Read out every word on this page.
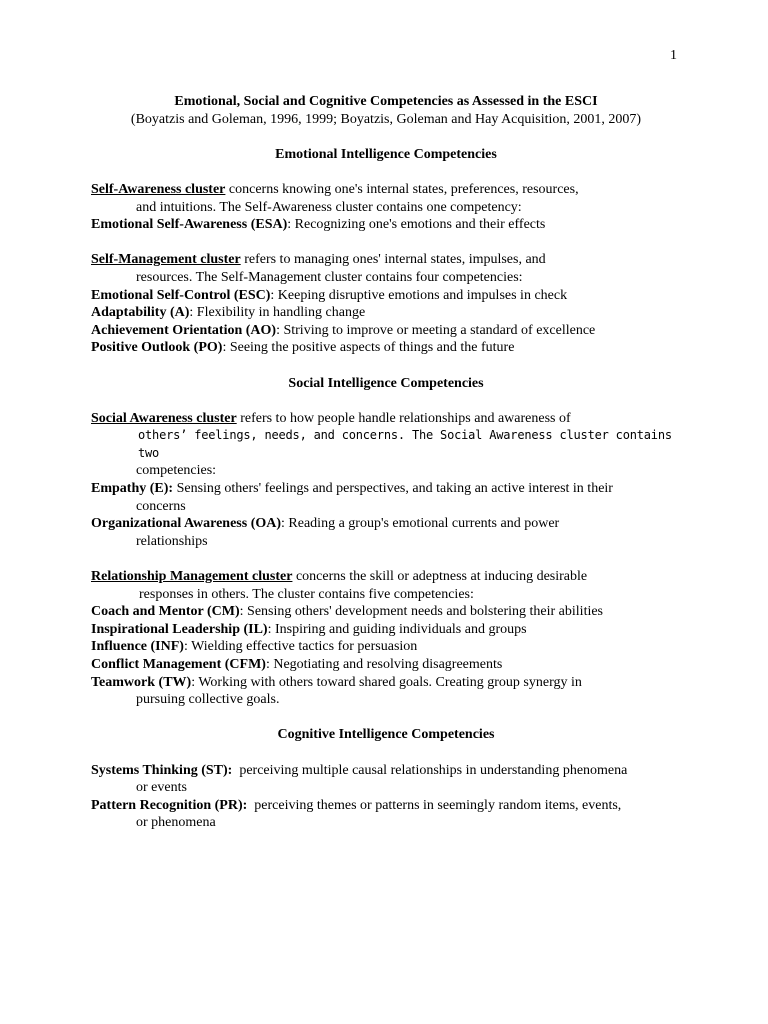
1

Emotional, Social and Cognitive Competencies as Assessed in the ESCI

(Boyatzis and Goleman, 1996, 1999; Boyatzis, Goleman and Hay Acquisition, 2001, 2007)

Emotional Intelligence Competencies

Self-Awareness cluster concerns knowing one's internal states, preferences, resources,

and intuitions. The Self-Awareness cluster contains one competency:

Emotional Self-Awareness (ESA): Recognizing one's emotions and their effects

Self-Management cluster refers to managing ones' internal states, impulses, and

resources. The Self-Management cluster contains four competencies:

Emotional Self-Control (ESC): Keeping disruptive emotions and impulses in check

Adaptability (A): Flexibility in handling change

Achievement Orientation (AO): Striving to improve or meeting a standard of excellence

Positive Outlook (PO): Seeing the positive aspects of things and the future

Social Intelligence Competencies

Social Awareness cluster refers to how people handle relationships and awareness of

others’ feelings, needs, and concerns. The Social Awareness cluster contains two

competencies:

Empathy (E): Sensing others' feelings and perspectives, and taking an active interest in their

concerns

Organizational Awareness (OA): Reading a group's emotional currents and power

relationships

Relationship Management cluster concerns the skill or adeptness at inducing desirable

responses in others. The cluster contains five competencies:

Coach and Mentor (CM): Sensing others' development needs and bolstering their abilities

Inspirational Leadership (IL): Inspiring and guiding individuals and groups

Influence (INF): Wielding effective tactics for persuasion

Conflict Management (CFM): Negotiating and resolving disagreements

Teamwork (TW): Working with others toward shared goals. Creating group synergy in

pursuing collective goals.

Cognitive Intelligence Competencies

Systems Thinking (ST):  perceiving multiple causal relationships in understanding phenomena

or events

Pattern Recognition (PR):  perceiving themes or patterns in seemingly random items, events,

or phenomena
